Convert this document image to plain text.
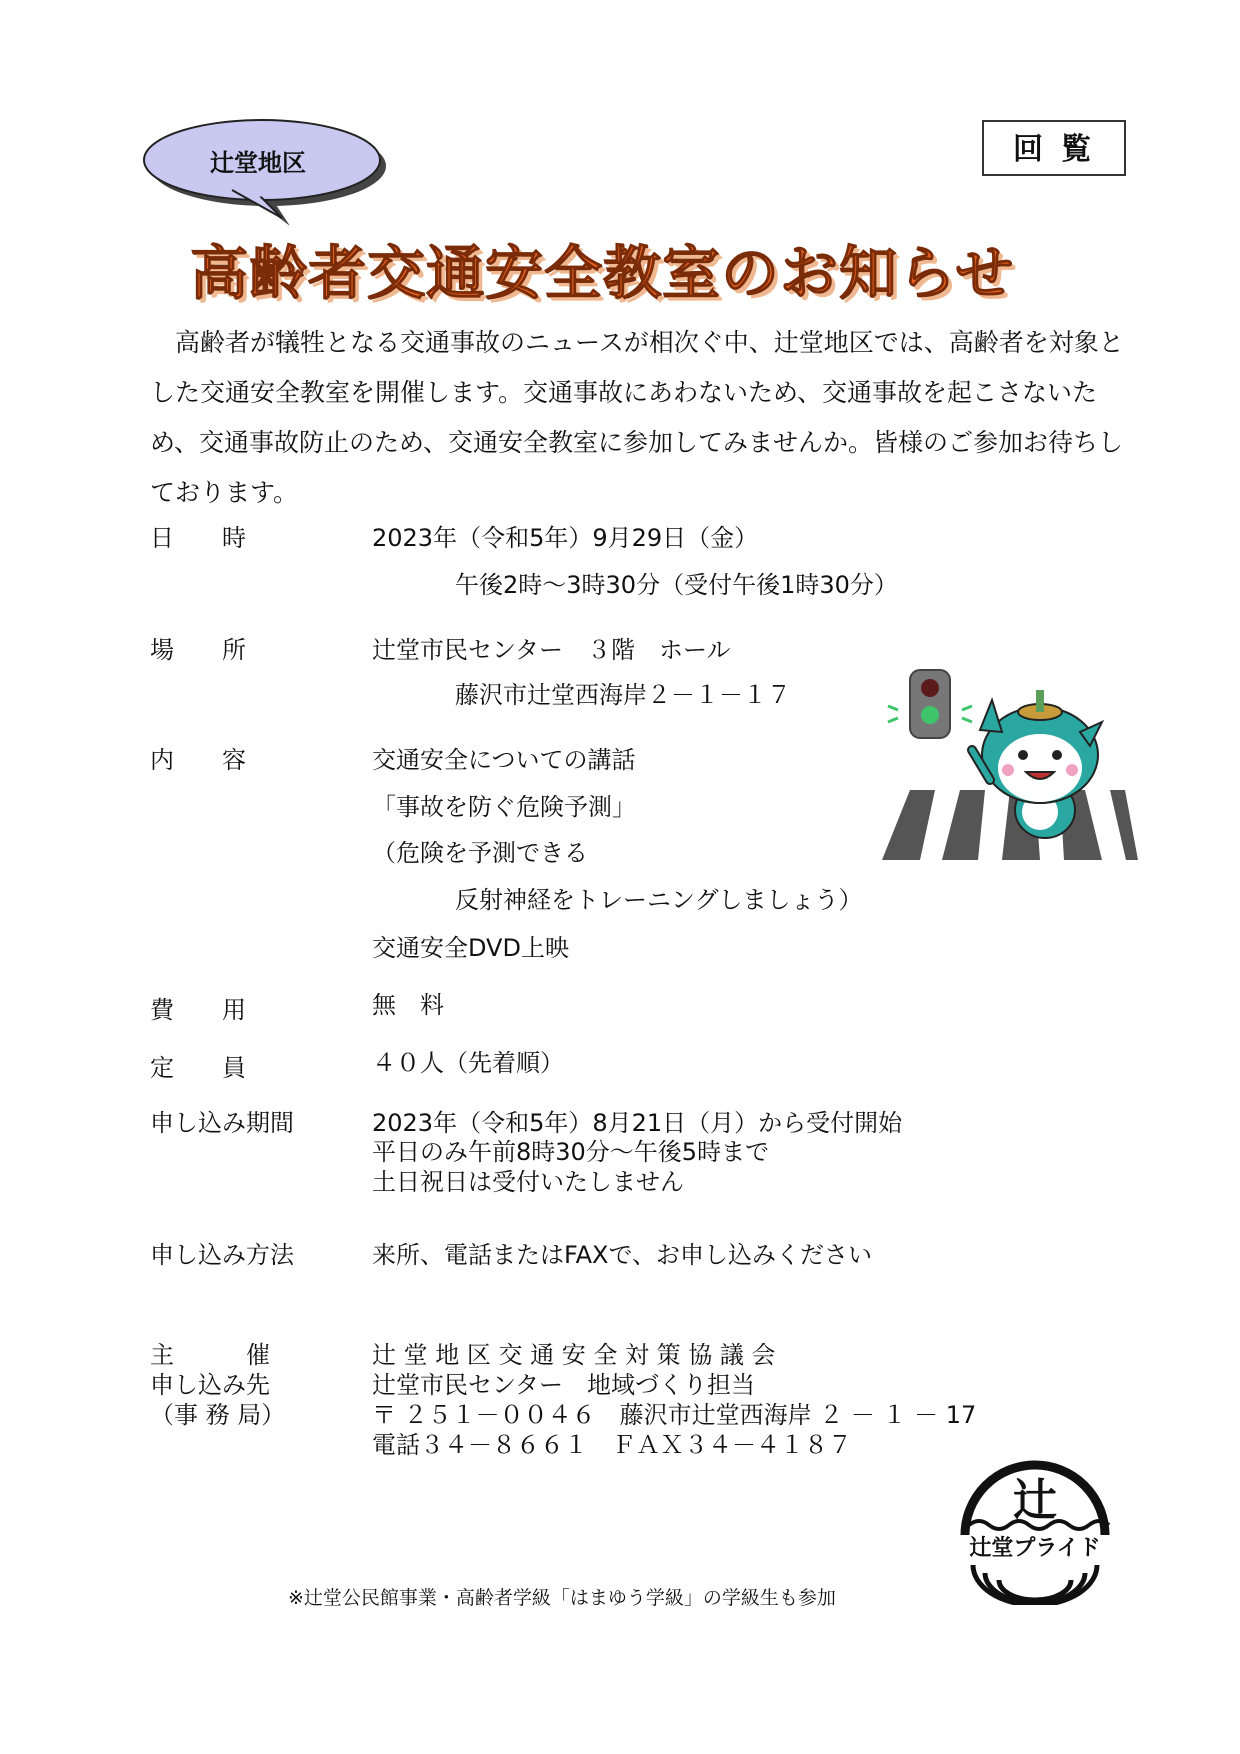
辻堂地区	回覧
高齢者交通安全教室のお知らせ

高齢者が犠牲となる交通事故のニュースが相次ぐ中、辻堂地区では、高齢者を対象とした交通安全教室を開催します。交通事故にあわないため、交通事故を起こさないため、交通事故防止のため、交通安全教室に参加してみませんか。皆様のご参加お待ちしております。

日　　時	2023年（令和5年）9月29日（金）
午後2時～3時30分（受付午後1時30分）
場　　所	辻堂市民センター　３階　ホール
藤沢市辻堂西海岸２－１－１７
内　　容	交通安全についての講話
「事故を防ぐ危険予測」
（危険を予測できる
反射神経をトレーニングしましょう）
交通安全DVD上映
費　　用	無　料
定　　員	４０人（先着順）
申し込み期間	2023年（令和5年）8月21日（月）から受付開始
平日のみ午前8時30分～午後5時まで
土日祝日は受付いたしません
申し込み方法	来所、電話またはFAXで、お申し込みください
主　　　催	辻 堂 地 区 交 通 安 全 対 策 協 議 会
申し込み先	辻堂市民センター　地域づくり担当
（事 務 局）	〒 ２５１－００４６　藤沢市辻堂西海岸 ２ － １ － 17
電話３４－８６６１　ＦＡＸ３４－４１８７
辻
辻堂プライド
※辻堂公民館事業・高齢者学級「はまゆう学級」の学級生も参加
